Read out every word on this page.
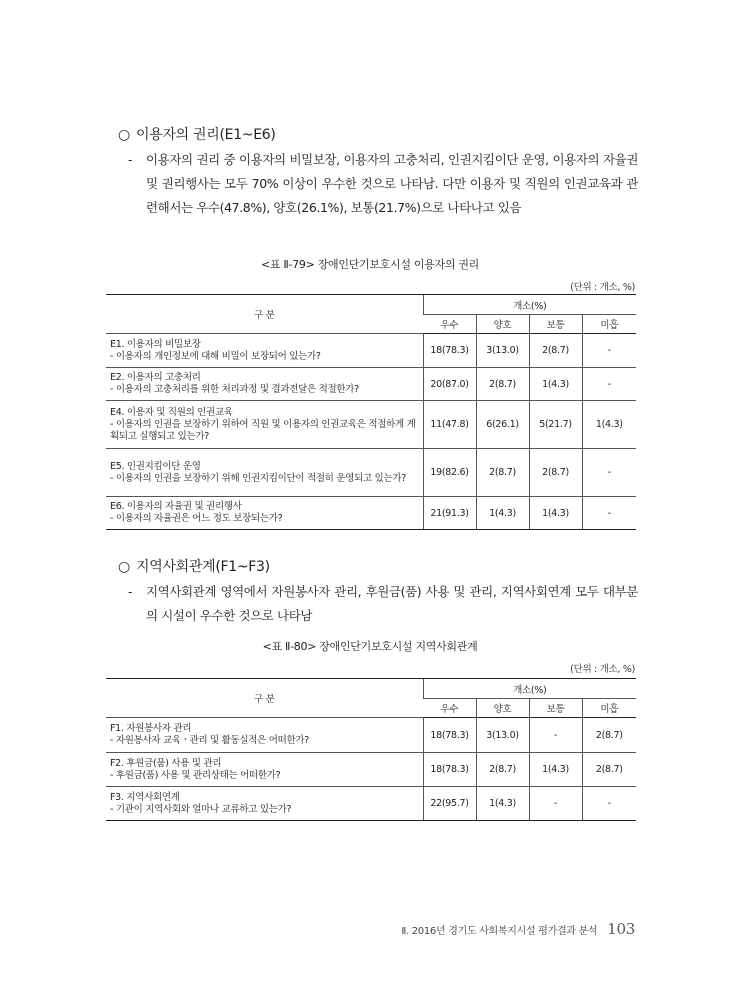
○ 이용자의 권리(E1~E6)
-	이용자의 권리 중 이용자의 비밀보장, 이용자의 고충처리, 인권지킴이단 운영, 이용자의 자율권 및 권리행사는 모두 70% 이상이 우수한 것으로 나타남. 다만 이용자 및 직원의 인권교육과 관련해서는 우수(47.8%), 양호(26.1%), 보통(21.7%)으로 나타나고 있음
<표 Ⅱ-79> 장애인단기보호시설 이용자의 권리
(단위 : 개소, %)
구 분	개소(%)			
	우수	양호	보통	미흡

E1. 이용자의 비밀보장
- 이용자의 개인정보에 대해 비밀이 보장되어 있는가?	18(78.3)	3(13.0)	2(8.7)	-

E2. 이용자의 고충처리
- 이용자의 고충처리를 위한 처리과정 및 결과전달은 적절한가?	20(87.0)	2(8.7)	1(4.3)	-

E4. 이용자 및 직원의 인권교육
- 이용자의 인권을 보장하기 위하여 직원 및 이용자의 인권교육은 적절하게 계획되고 실행되고 있는가?	11(47.8)	6(26.1)	5(21.7)	1(4.3)

E5. 인권지킴이단 운영
- 이용자의 인권을 보장하기 위해 인권지킴이단이 적절히 운영되고 있는가?	19(82.6)	2(8.7)	2(8.7)	-

E6. 이용자의 자율권 및 권리행사
- 이용자의 자율권은 어느 정도 보장되는가?	21(91.3)	1(4.3)	1(4.3)	-
○ 지역사회관계(F1~F3)
-	지역사회관계 영역에서 자원봉사자 관리, 후원금(품) 사용 및 관리, 지역사회연계 모두 대부분의 시설이 우수한 것으로 나타남
<표 Ⅱ-80> 장애인단기보호시설 지역사회관계
(단위 : 개소, %)
구 분	개소(%)			
	우수	양호	보통	미흡

F1. 자원봉사자 관리
- 자원봉사자 교육ㆍ관리 및 활동실적은 어떠한가?	18(78.3)	3(13.0)	-	2(8.7)

F2. 후원금(품) 사용 및 관리
- 후원금(품) 사용 및 관리상태는 어떠한가?	18(78.3)	2(8.7)	1(4.3)	2(8.7)

F3. 지역사회연계
- 기관이 지역사회와 얼마나 교류하고 있는가?	22(95.7)	1(4.3)	-	-
Ⅱ. 2016년 경기도 사회복지시설 평가결과 분석 103
